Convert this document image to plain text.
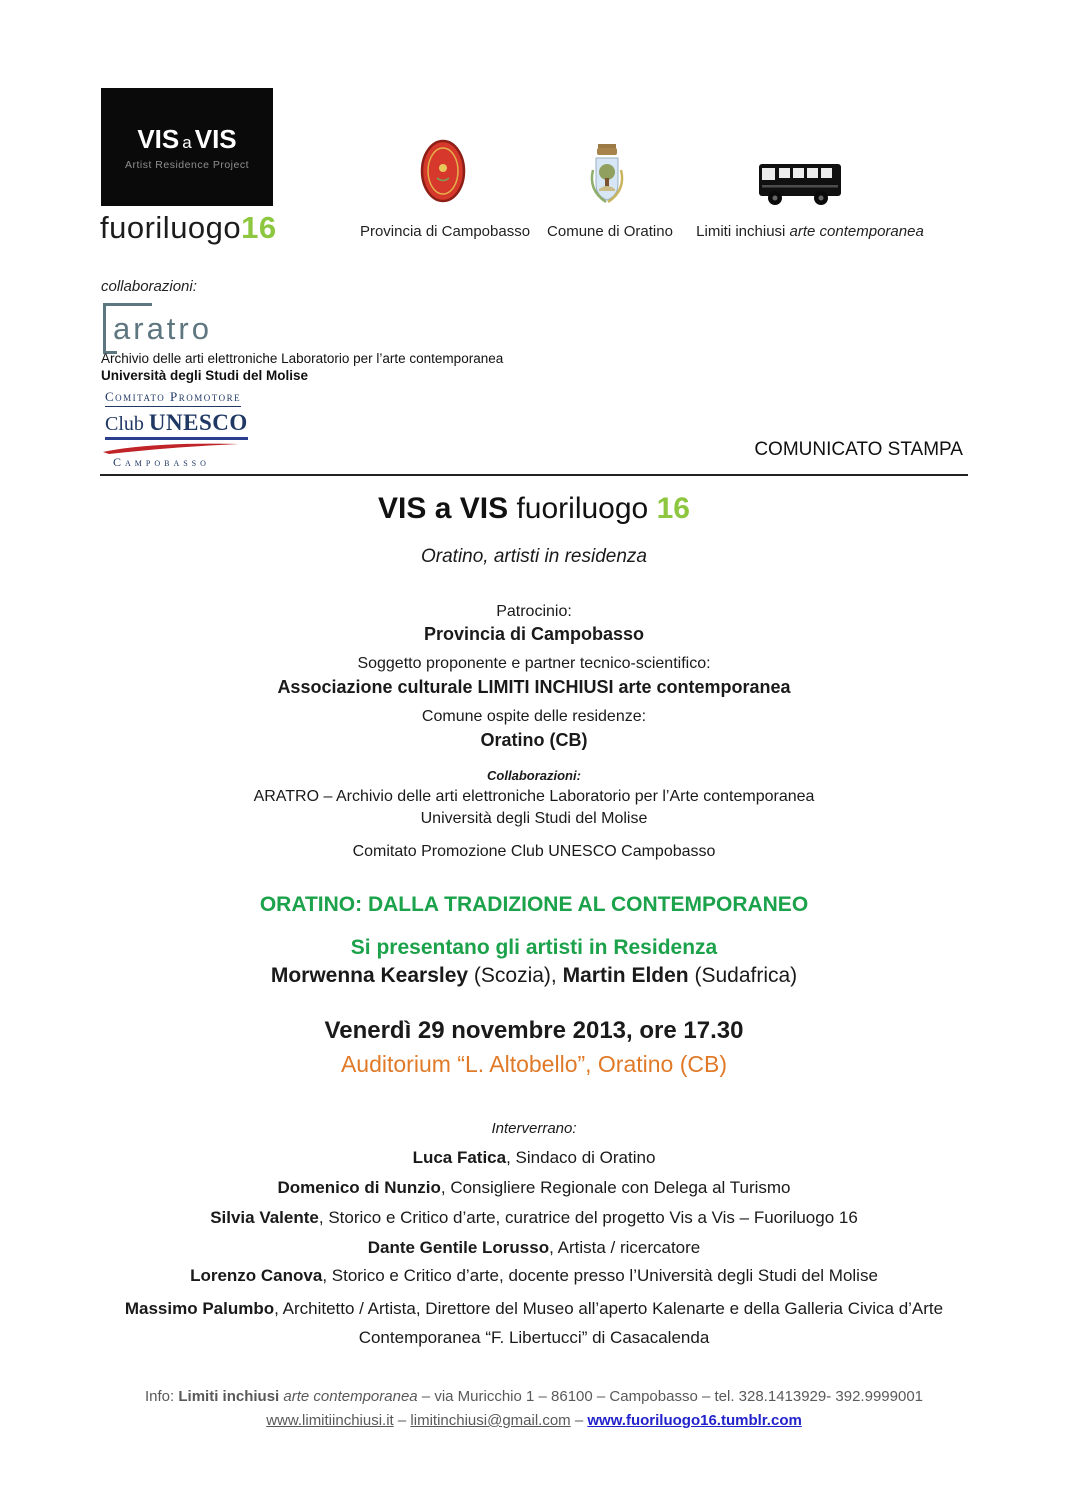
VIS a VIS
Artist Residence Project
fuoriluogo16	Provincia di Campobasso	Comune di Oratino	Limiti inchiusi arte contemporanea
collaborazioni:
aratro
Archivio delle arti elettroniche Laboratorio per l’arte contemporanea
Università degli Studi del Molise
Comitato Promotore
Club UNESCO
Campobasso
COMUNICATO STAMPA
VIS a VIS fuoriluogo 16
Oratino, artisti in residenza
Patrocinio:
Provincia di Campobasso
Soggetto proponente e partner tecnico-scientifico:
Associazione culturale LIMITI INCHIUSI arte contemporanea
Comune ospite delle residenze:
Oratino (CB)
Collaborazioni:
ARATRO – Archivio delle arti elettroniche Laboratorio per l’Arte contemporanea
Università degli Studi del Molise
Comitato Promozione Club UNESCO Campobasso
ORATINO: DALLA TRADIZIONE AL CONTEMPORANEO
Si presentano gli artisti in Residenza
Morwenna Kearsley (Scozia), Martin Elden (Sudafrica)
Venerdì 29 novembre 2013, ore 17.30
Auditorium “L. Altobello”, Oratino (CB)
Interverrano:
Luca Fatica, Sindaco di Oratino
Domenico di Nunzio, Consigliere Regionale con Delega al Turismo
Silvia Valente, Storico e Critico d’arte, curatrice del progetto Vis a Vis – Fuoriluogo 16
Dante Gentile Lorusso, Artista / ricercatore
Lorenzo Canova, Storico e Critico d’arte, docente presso l’Università degli Studi del Molise
Massimo Palumbo, Architetto / Artista, Direttore del Museo all’aperto Kalenarte e della Galleria Civica d’Arte Contemporanea “F. Libertucci” di Casacalenda
Info: Limiti inchiusi arte contemporanea – via Muricchio 1 – 86100 – Campobasso – tel. 328.1413929- 392.9999001
www.limitiinchiusi.it – limitinchiusi@gmail.com – www.fuoriluogo16.tumblr.com
